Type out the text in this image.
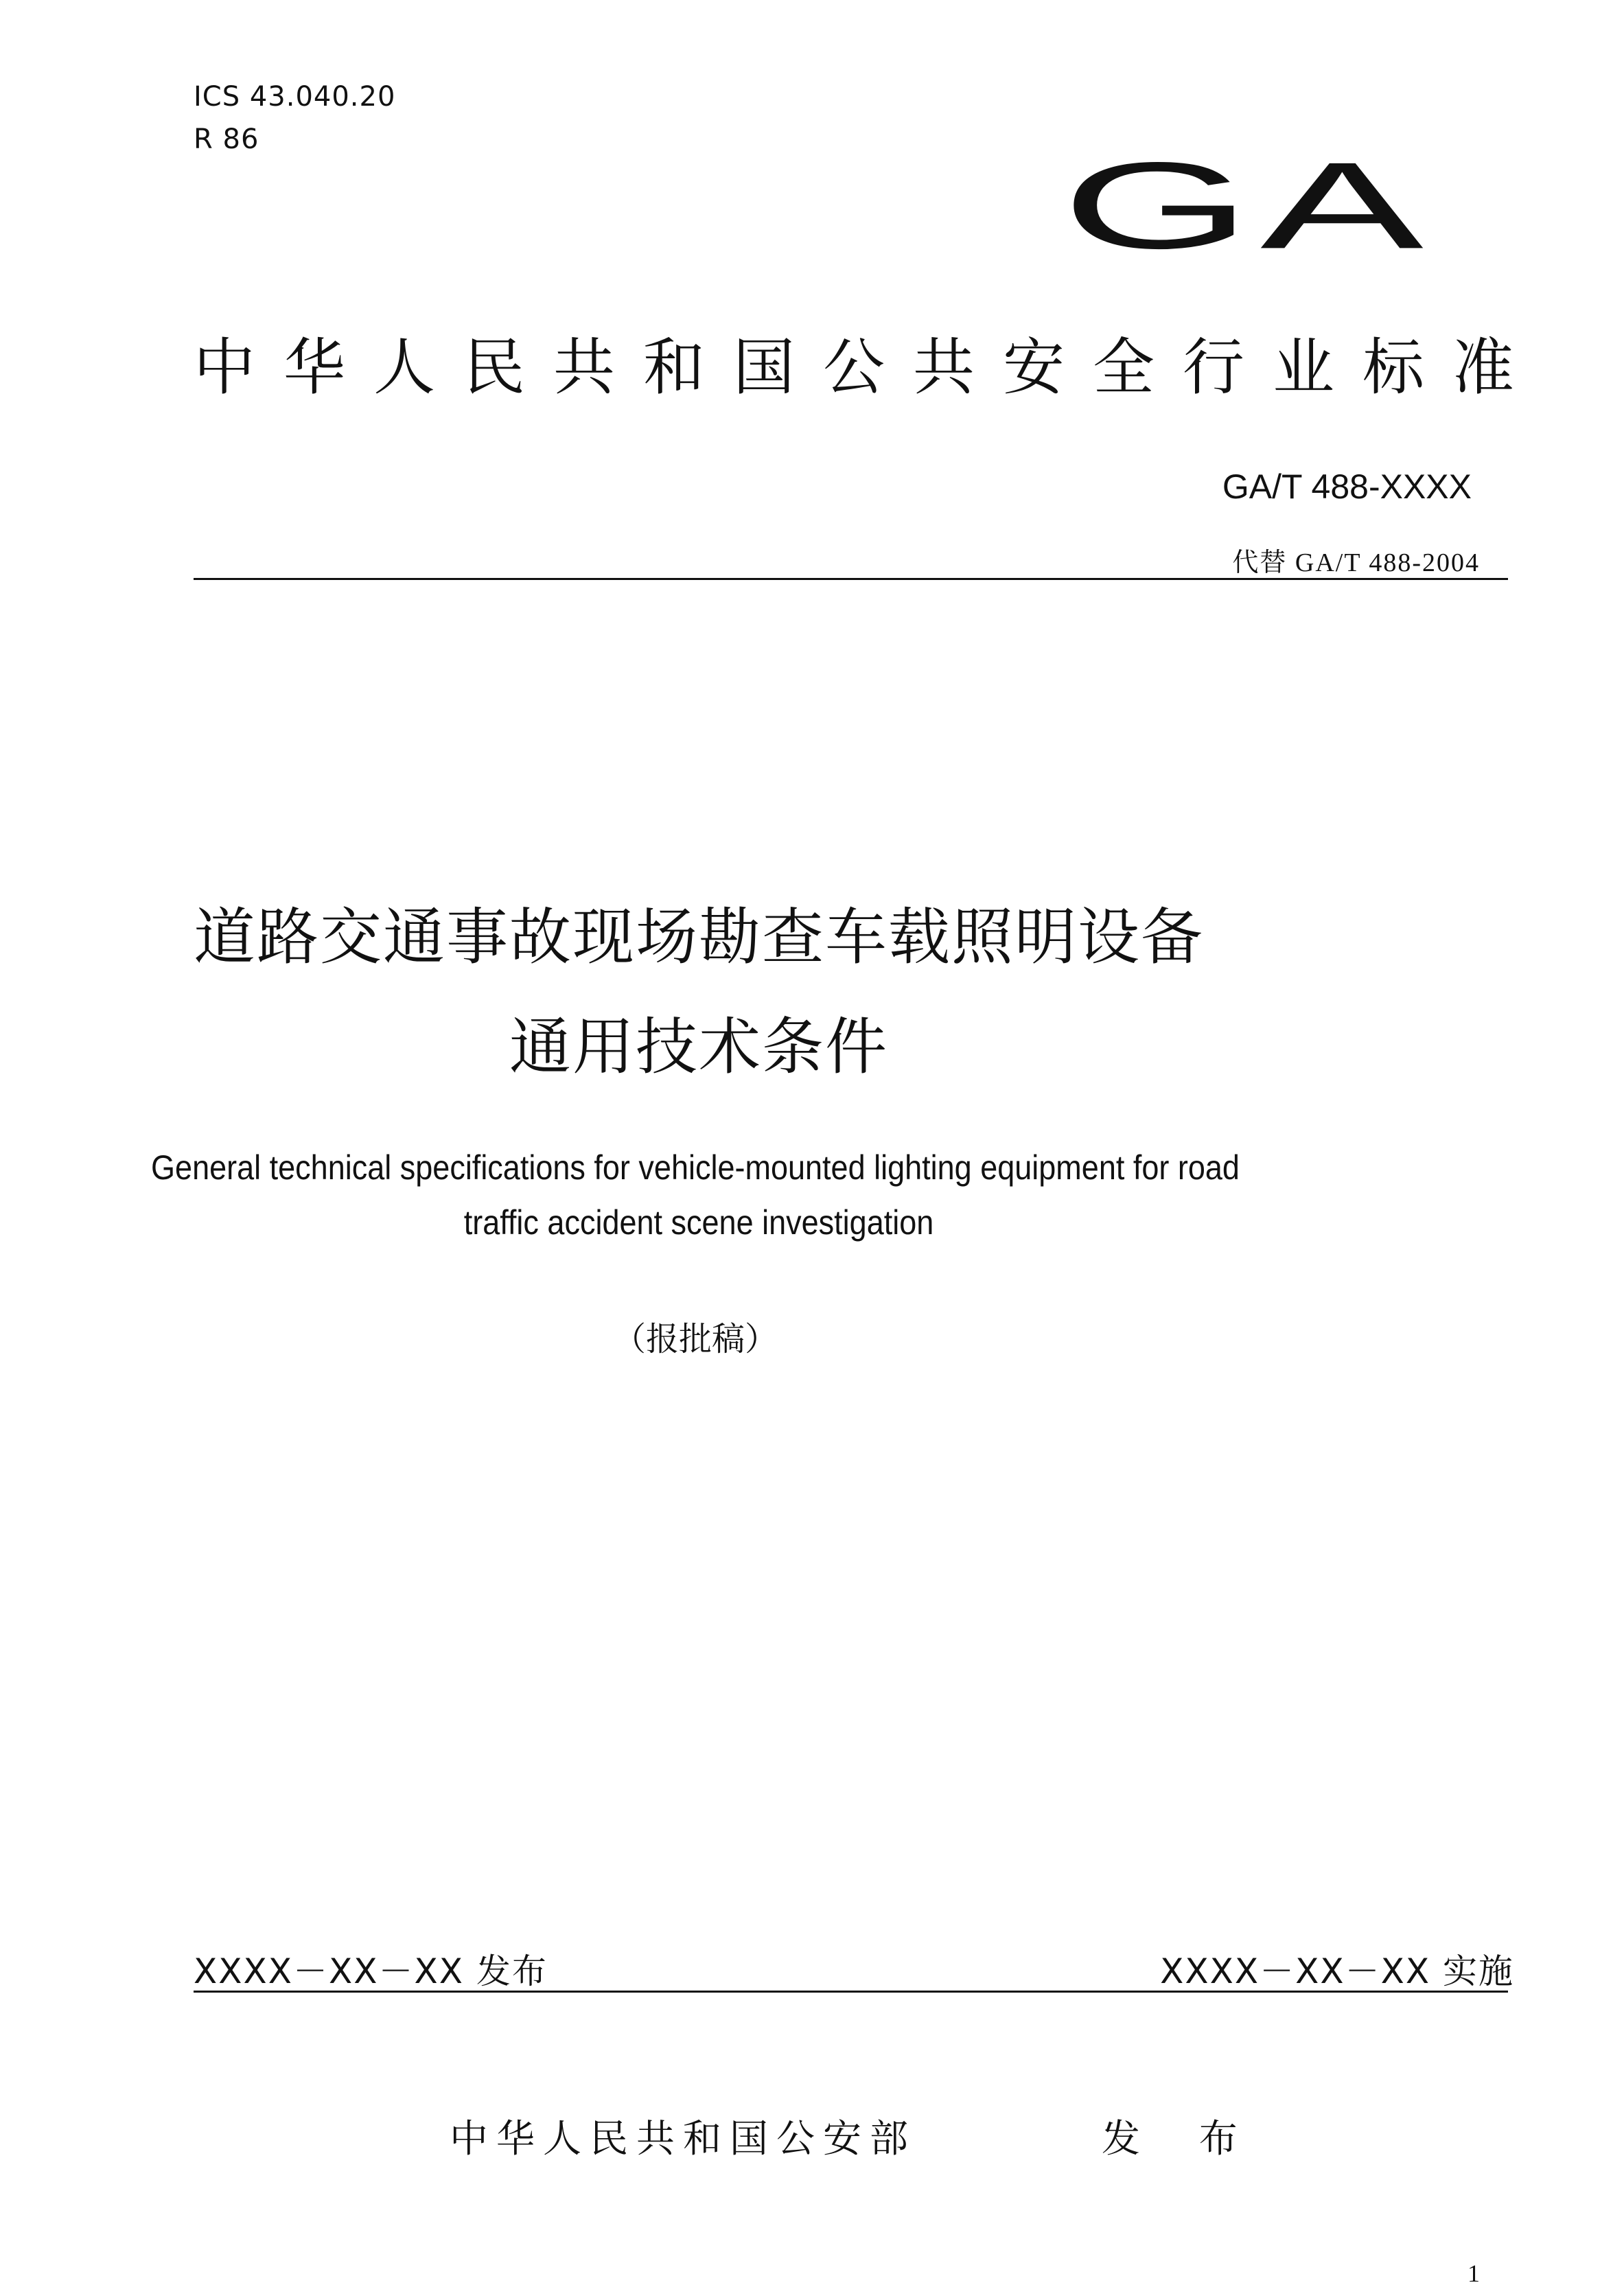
ICS 43.040.20
R 86	GA
中华人民共和国公共安全行业标准
GA/T 488-XXXX
代替 GA/T 488-2004
道路交通事故现场勘查车载照明设备
通用技术条件
General technical specifications for vehicle-mounted lighting equipment for road
traffic accident scene investigation
（报批稿）
XXXX－XX－XX 发布	XXXX－XX－XX 实施
中华人民共和国公安部	发 布
1
